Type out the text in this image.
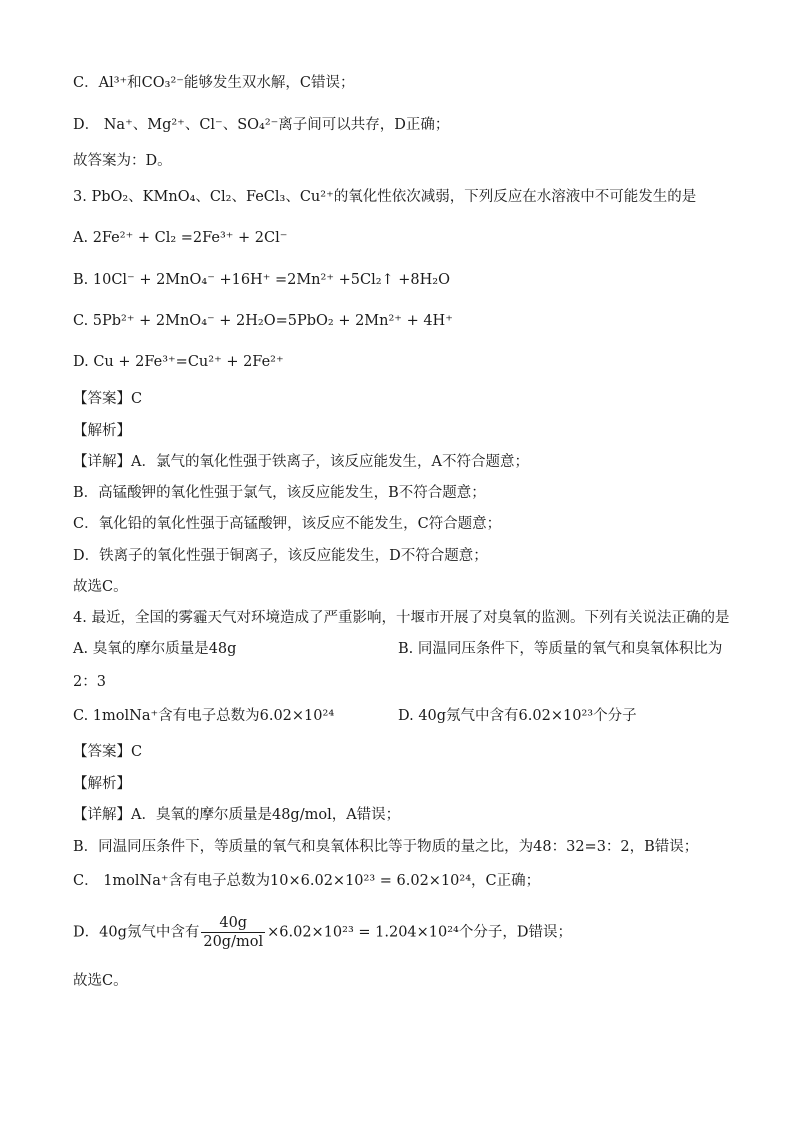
C．Al³⁺和CO₃²⁻能够发生双水解，C错误；
D． Na⁺、Mg²⁺、Cl⁻、SO₄²⁻离子间可以共存，D正确；
故答案为：D。
3. PbO₂、KMnO₄、Cl₂、FeCl₃、Cu²⁺的氧化性依次减弱，下列反应在水溶液中不可能发生的是
A. 2Fe²⁺ + Cl₂ =2Fe³⁺ + 2Cl⁻
B. 10Cl⁻ + 2MnO₄⁻ +16H⁺ =2Mn²⁺ +5Cl₂↑ +8H₂O
C. 5Pb²⁺ + 2MnO₄⁻ + 2H₂O=5PbO₂ + 2Mn²⁺ + 4H⁺
D. Cu + 2Fe³⁺=Cu²⁺ + 2Fe²⁺
【答案】C
【解析】
【详解】A．氯气的氧化性强于铁离子，该反应能发生，A不符合题意；
B．高锰酸钾的氧化性强于氯气，该反应能发生，B不符合题意；
C．氧化铅的氧化性强于高锰酸钾，该反应不能发生，C符合题意；
D．铁离子的氧化性强于铜离子，该反应能发生，D不符合题意；
故选C。
4. 最近，全国的雾霾天气对环境造成了严重影响，十堰市开展了对臭氧的监测。下列有关说法正确的是
A. 臭氧的摩尔质量是48g	B. 同温同压条件下，等质量的氧气和臭氧体积比为
2：3
C. 1molNa⁺含有电子总数为6.02×10²⁴	D. 40g氖气中含有6.02×10²³个分子
【答案】C
【解析】
【详解】A．臭氧的摩尔质量是48g/mol，A错误；
B．同温同压条件下，等质量的氧气和臭氧体积比等于物质的量之比，为48：32=3：2，B错误；
C． 1molNa⁺含有电子总数为10×6.02×10²³ = 6.02×10²⁴，C正确；
D．40g氖气中含有 $\frac{40g}{\text{20g/mol}} \times 6.02\times 10^{23} = 1.204\times 10^{24}$个分子，D错误；
故选C。
